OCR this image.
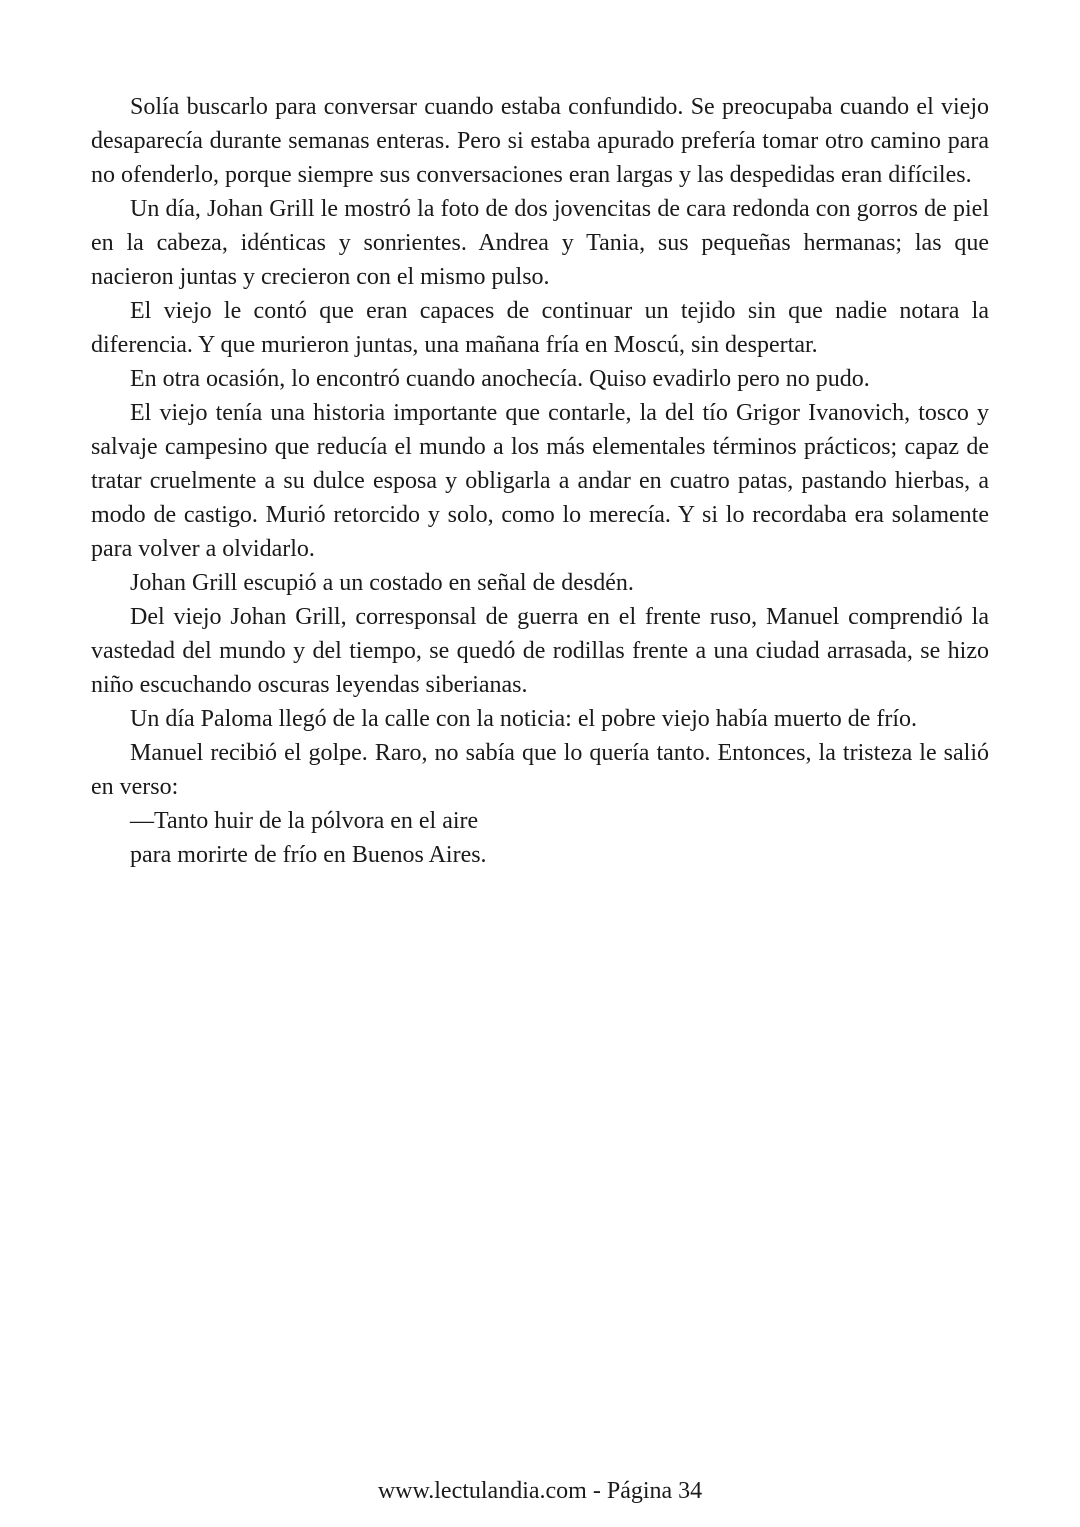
Solía buscarlo para conversar cuando estaba confundido. Se preocupaba cuando el viejo desaparecía durante semanas enteras. Pero si estaba apurado prefería tomar otro camino para no ofenderlo, porque siempre sus conversaciones eran largas y las despedidas eran difíciles.

Un día, Johan Grill le mostró la foto de dos jovencitas de cara redonda con gorros de piel en la cabeza, idénticas y sonrientes. Andrea y Tania, sus pequeñas hermanas; las que nacieron juntas y crecieron con el mismo pulso.

El viejo le contó que eran capaces de continuar un tejido sin que nadie notara la diferencia. Y que murieron juntas, una mañana fría en Moscú, sin despertar.

En otra ocasión, lo encontró cuando anochecía. Quiso evadirlo pero no pudo.

El viejo tenía una historia importante que contarle, la del tío Grigor Ivanovich, tosco y salvaje campesino que reducía el mundo a los más elementales términos prácticos; capaz de tratar cruelmente a su dulce esposa y obligarla a andar en cuatro patas, pastando hierbas, a modo de castigo. Murió retorcido y solo, como lo merecía. Y si lo recordaba era solamente para volver a olvidarlo.

Johan Grill escupió a un costado en señal de desdén.

Del viejo Johan Grill, corresponsal de guerra en el frente ruso, Manuel comprendió la vastedad del mundo y del tiempo, se quedó de rodillas frente a una ciudad arrasada, se hizo niño escuchando oscuras leyendas siberianas.

Un día Paloma llegó de la calle con la noticia: el pobre viejo había muerto de frío.

Manuel recibió el golpe. Raro, no sabía que lo quería tanto. Entonces, la tristeza le salió en verso:

—Tanto huir de la pólvora en el aire

para morirte de frío en Buenos Aires.

www.lectulandia.com - Página 34
